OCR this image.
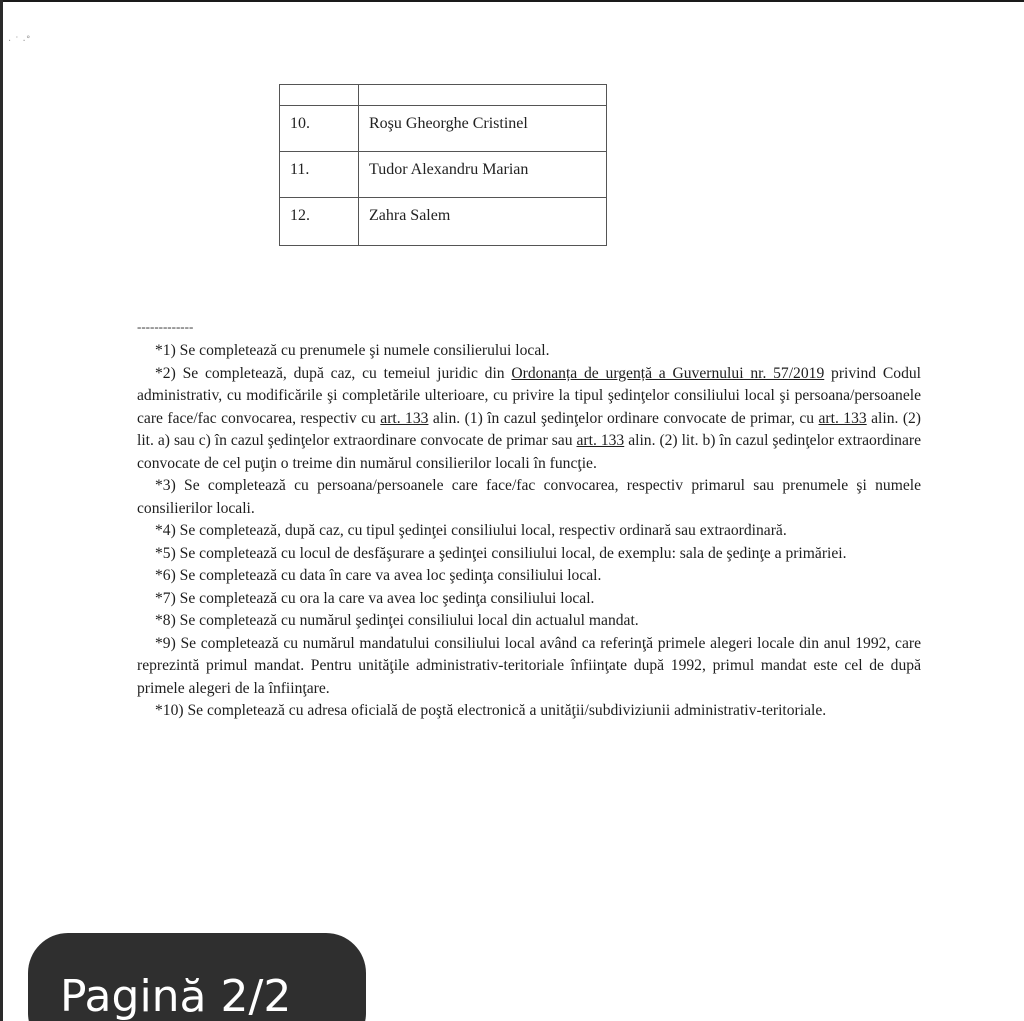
· ˙ ·˚

10.	Roşu Gheorghe Cristinel
11.	Tudor Alexandru Marian
12.	Zahra Salem
-------------

*1) Se completează cu prenumele şi numele consilierului local.

*2) Se completează, după caz, cu temeiul juridic din Ordonanța de urgență a Guvernului nr. 57/2019 privind Codul administrativ, cu modificările şi completările ulterioare, cu privire la tipul şedinţelor consiliului local şi persoana/persoanele care face/fac convocarea, respectiv cu art. 133 alin. (1) în cazul şedinţelor ordinare convocate de primar, cu art. 133 alin. (2) lit. a) sau c) în cazul şedinţelor extraordinare convocate de primar sau art. 133 alin. (2) lit. b) în cazul şedinţelor extraordinare convocate de cel puţin o treime din numărul consilierilor locali în funcţie.

*3) Se completează cu persoana/persoanele care face/fac convocarea, respectiv primarul sau prenumele şi numele consilierilor locali.

*4) Se completează, după caz, cu tipul şedinţei consiliului local, respectiv ordinară sau extraordinară.

*5) Se completează cu locul de desfăşurare a şedinţei consiliului local, de exemplu: sala de şedinţe a primăriei.

*6) Se completează cu data în care va avea loc şedinţa consiliului local.

*7) Se completează cu ora la care va avea loc şedinţa consiliului local.

*8) Se completează cu numărul şedinţei consiliului local din actualul mandat.

*9) Se completează cu numărul mandatului consiliului local având ca referinţă primele alegeri locale din anul 1992, care reprezintă primul mandat. Pentru unităţile administrativ-teritoriale înfiinţate după 1992, primul mandat este cel de după primele alegeri de la înfiinţare.

*10) Se completează cu adresa oficială de poştă electronică a unităţii/subdiviziunii administrativ-teritoriale.

Pagină 2/2
